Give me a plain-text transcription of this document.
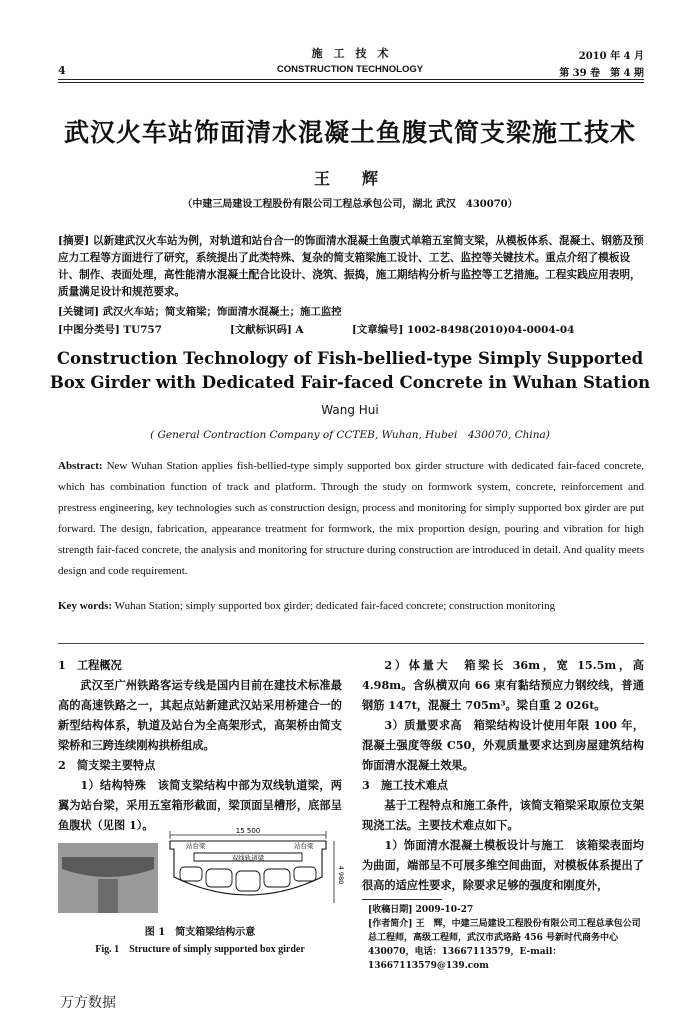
施　工　技　术
CONSTRUCTION TECHNOLOGY
4
2010 年 4 月
第 39 卷　第 4 期
武汉火车站饰面清水混凝土鱼腹式简支梁施工技术
王　辉
（中建三局建设工程股份有限公司工程总承包公司，湖北 武汉　430070）
[摘要] 以新建武汉火车站为例，对轨道和站台合一的饰面清水混凝土鱼腹式单箱五室简支梁，从模板体系、混凝土、钢筋及预应力工程等方面进行了研究，系统提出了此类特殊、复杂的简支箱梁施工设计、工艺、监控等关键技术。重点介绍了模板设计、制作、表面处理，高性能清水混凝土配合比设计、浇筑、振捣，施工期结构分析与监控等工艺措施。工程实践应用表明，质量满足设计和规范要求。
[关键词] 武汉火车站；简支箱梁；饰面清水混凝土；施工监控
[中图分类号] TU757	[文献标识码] A	[文章编号] 1002-8498(2010)04-0004-04
Construction Technology of Fish-bellied-type Simply Supported
Box Girder with Dedicated Fair-faced Concrete in Wuhan Station
Wang Hui
( General Contraction Company of CCTEB, Wuhan, Hubei　430070, China)
Abstract: New Wuhan Station applies fish-bellied-type simply supported box girder structure with dedicated fair-faced concrete, which has combination function of track and platform. Through the study on formwork system, concrete, reinforcement and prestress engineering, key technologies such as construction design, process and monitoring for simply supported box girder are put forward. The design, fabrication, appearance treatment for formwork, the mix proportion design, pouring and vibration for high strength fair-faced concrete, the analysis and monitoring for structure during construction are introduced in detail. And quality meets design and code requirement.
Key words: Wuhan Station; simply supported box girder; dedicated fair-faced concrete; construction monitoring
1　工程概况

武汉至广州铁路客运专线是国内目前在建技术标准最高的高速铁路之一，其起点站新建武汉站采用桥建合一的新型结构体系，轨道及站台为全高架形式，高架桥由简支梁桥和三跨连续刚构拱桥组成。

2　简支梁主要特点

1）结构特殊　该简支梁结构中部为双线轨道梁，两翼为站台梁，采用五室箱形截面，梁顶面呈槽形，底部呈鱼腹状（见图 1）。	15 500
站台梁	站台梁
双线轨道梁
4 980
图 1　简支箱梁结构示意
Fig. 1　Structure of simply supported box girder

2）体量大　箱梁长 36m，宽 15.5m，高 4.98m。含纵横双向 66 束有黏结预应力钢绞线，普通钢筋 147t，混凝土 705m³。梁自重 2 026t。

3）质量要求高　箱梁结构设计使用年限 100 年，混凝土强度等级 C50，外观质量要求达到房屋建筑结构饰面清水混凝土效果。

3　施工技术难点

基于工程特点和施工条件，该简支箱梁采取原位支架现浇工法。主要技术难点如下。

1）饰面清水混凝土模板设计与施工　该箱梁表面均为曲面，端部呈不可展多维空间曲面，对模板体系提出了很高的适应性要求，除要求足够的强度和刚度外，

[收稿日期] 2009-10-27
[作者简介] 王　辉，中建三局建设工程股份有限公司工程总承包公司总工程师，高级工程师，武汉市武珞路 456 号新时代商务中心　430070，电话：13667113579，E-mail：13667113579@139.com
万方数据
